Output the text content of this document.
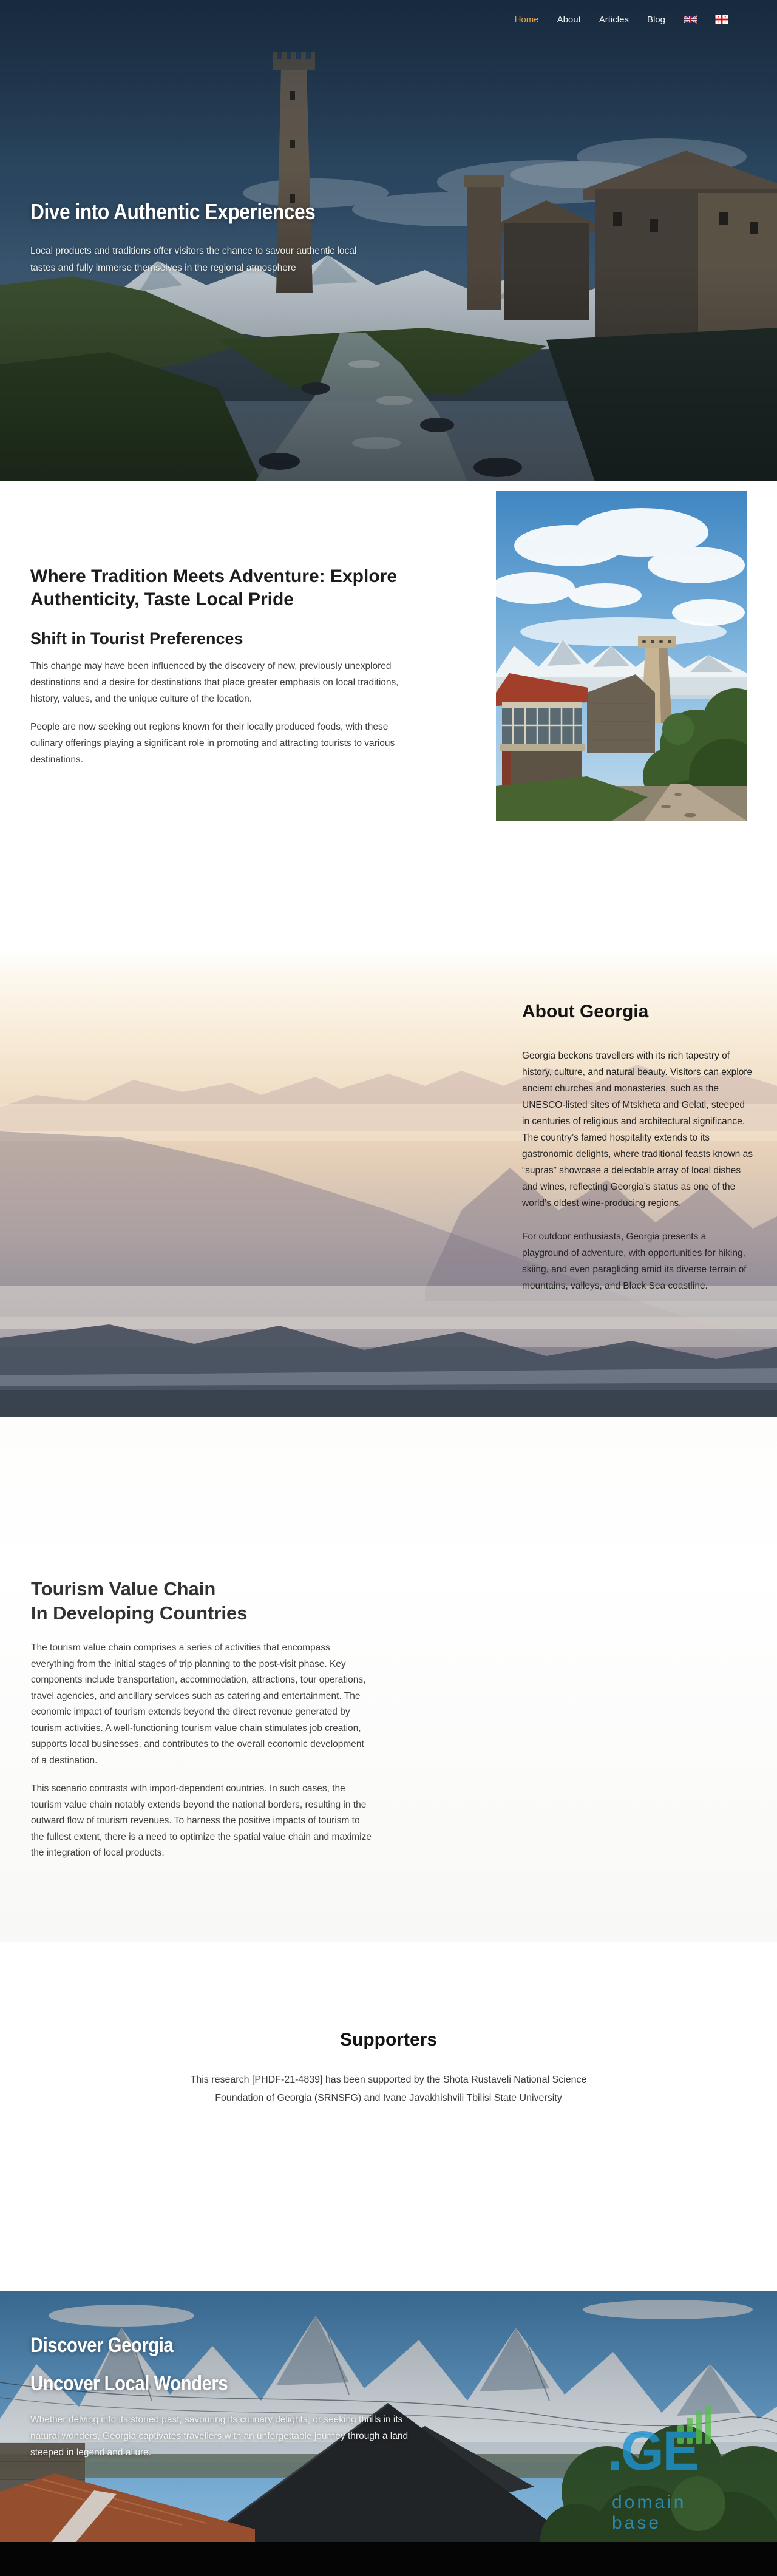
Home About Articles Blog
Dive into Authentic Experiences

Local products and traditions offer visitors the chance to savour authentic local tastes and fully immerse themselves in the regional atmosphere

Where Tradition Meets Adventure: Explore Authenticity, Taste Local Pride
Shift in Tourist Preferences

This change may have been influenced by the discovery of new, previously unexplored destinations and a desire for destinations that place greater emphasis on local traditions, history, values, and the unique culture of the location.

People are now seeking out regions known for their locally produced foods, with these culinary offerings playing a significant role in promoting and attracting tourists to various destinations.

About Georgia

Georgia beckons travellers with its rich tapestry of history, culture, and natural beauty. Visitors can explore ancient churches and monasteries, such as the UNESCO-listed sites of Mtskheta and Gelati, steeped in centuries of religious and architectural significance. The country’s famed hospitality extends to its gastronomic delights, where traditional feasts known as “supras” showcase a delectable array of local dishes and wines, reflecting Georgia’s status as one of the world’s oldest wine-producing regions.

For outdoor enthusiasts, Georgia presents a playground of adventure, with opportunities for hiking, skiing, and even paragliding amid its diverse terrain of mountains, valleys, and Black Sea coastline.

Tourism Value Chain
In Developing Countries

The tourism value chain comprises a series of activities that encompass everything from the initial stages of trip planning to the post-visit phase. Key components include transportation, accommodation, attractions, tour operations, travel agencies, and ancillary services such as catering and entertainment. The economic impact of tourism extends beyond the direct revenue generated by tourism activities. A well-functioning tourism value chain stimulates job creation, supports local businesses, and contributes to the overall economic development of a destination.

This scenario contrasts with import-dependent countries. In such cases, the tourism value chain notably extends beyond the national borders, resulting in the outward flow of tourism revenues. To harness the positive impacts of tourism to the fullest extent, there is a need to optimize the spatial value chain and maximize the integration of local products.

Supporters

This research [PHDF-21-4839] has been supported by the Shota Rustaveli National Science Foundation of Georgia (SRNSFG) and Ivane Javakhishvili Tbilisi State University

Discover Georgia
Uncover Local Wonders

Whether delving into its storied past, savouring its culinary delights, or seeking thrills in its natural wonders, Georgia captivates travellers with an unforgettable journey through a land steeped in legend and allure.	.GE
domain base
